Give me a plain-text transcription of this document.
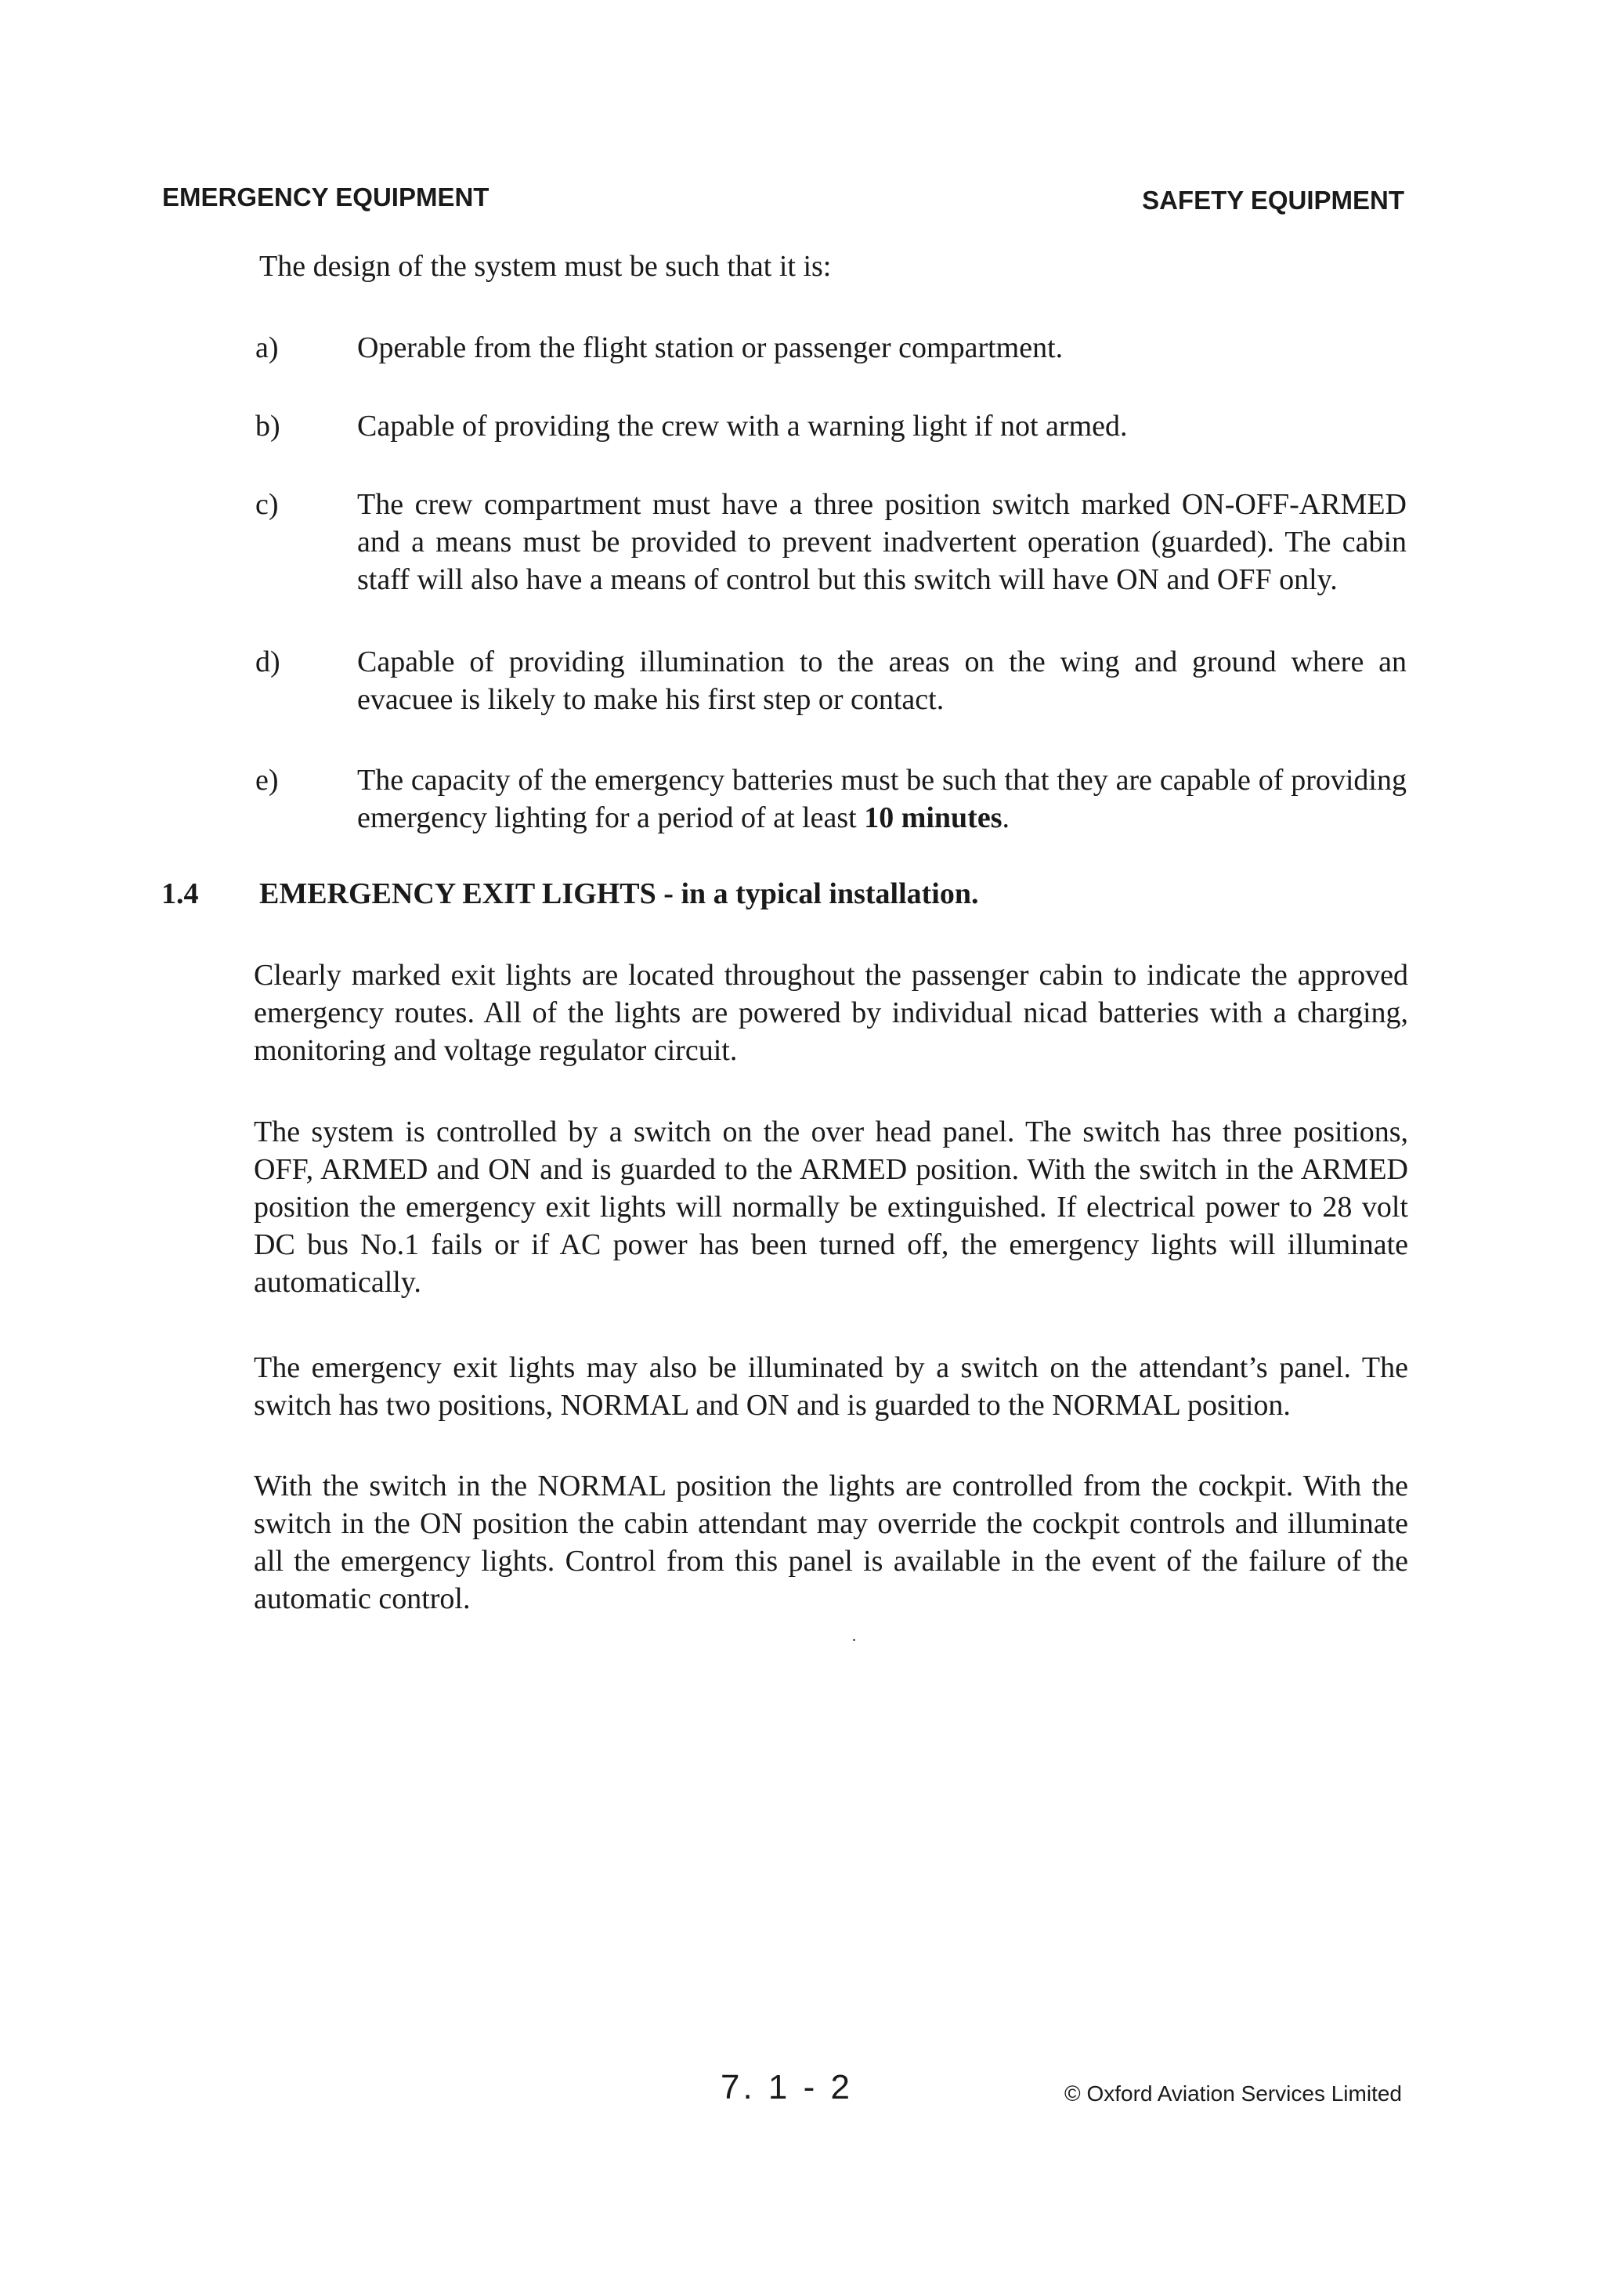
EMERGENCY EQUIPMENT	SAFETY EQUIPMENT
The design of the system must be such that it is:
a)	Operable from the flight station or passenger compartment.
b)	Capable of providing the crew with a warning light if not armed.
c)	The crew compartment must have a three position switch marked ON-OFF-ARMED and a means must be provided to prevent inadvertent operation (guarded). The cabin staff will also have a means of control but this switch will have ON and OFF only.
d)	Capable of providing illumination to the areas on the wing and ground where an evacuee is likely to make his first step or contact.
e)	The capacity of the emergency batteries must be such that they are capable of providing emergency lighting for a period of at least 10 minutes.
1.4 EMERGENCY EXIT LIGHTS - in a typical installation.
Clearly marked exit lights are located throughout the passenger cabin to indicate the approved emergency routes. All of the lights are powered by individual nicad batteries with a charging, monitoring and voltage regulator circuit.
The system is controlled by a switch on the over head panel. The switch has three positions, OFF, ARMED and ON and is guarded to the ARMED position. With the switch in the ARMED position the emergency exit lights will normally be extinguished. If electrical power to 28 volt DC bus No.1 fails or if AC power has been turned off, the emergency lights will illuminate automatically.
The emergency exit lights may also be illuminated by a switch on the attendant’s panel. The switch has two positions, NORMAL and ON and is guarded to the NORMAL position.
With the switch in the NORMAL position the lights are controlled from the cockpit. With the switch in the ON position the cabin attendant may override the cockpit controls and illuminate all the emergency lights. Control from this panel is available in the event of the failure of the automatic control.
7. 1 - 2	© Oxford Aviation Services Limited
